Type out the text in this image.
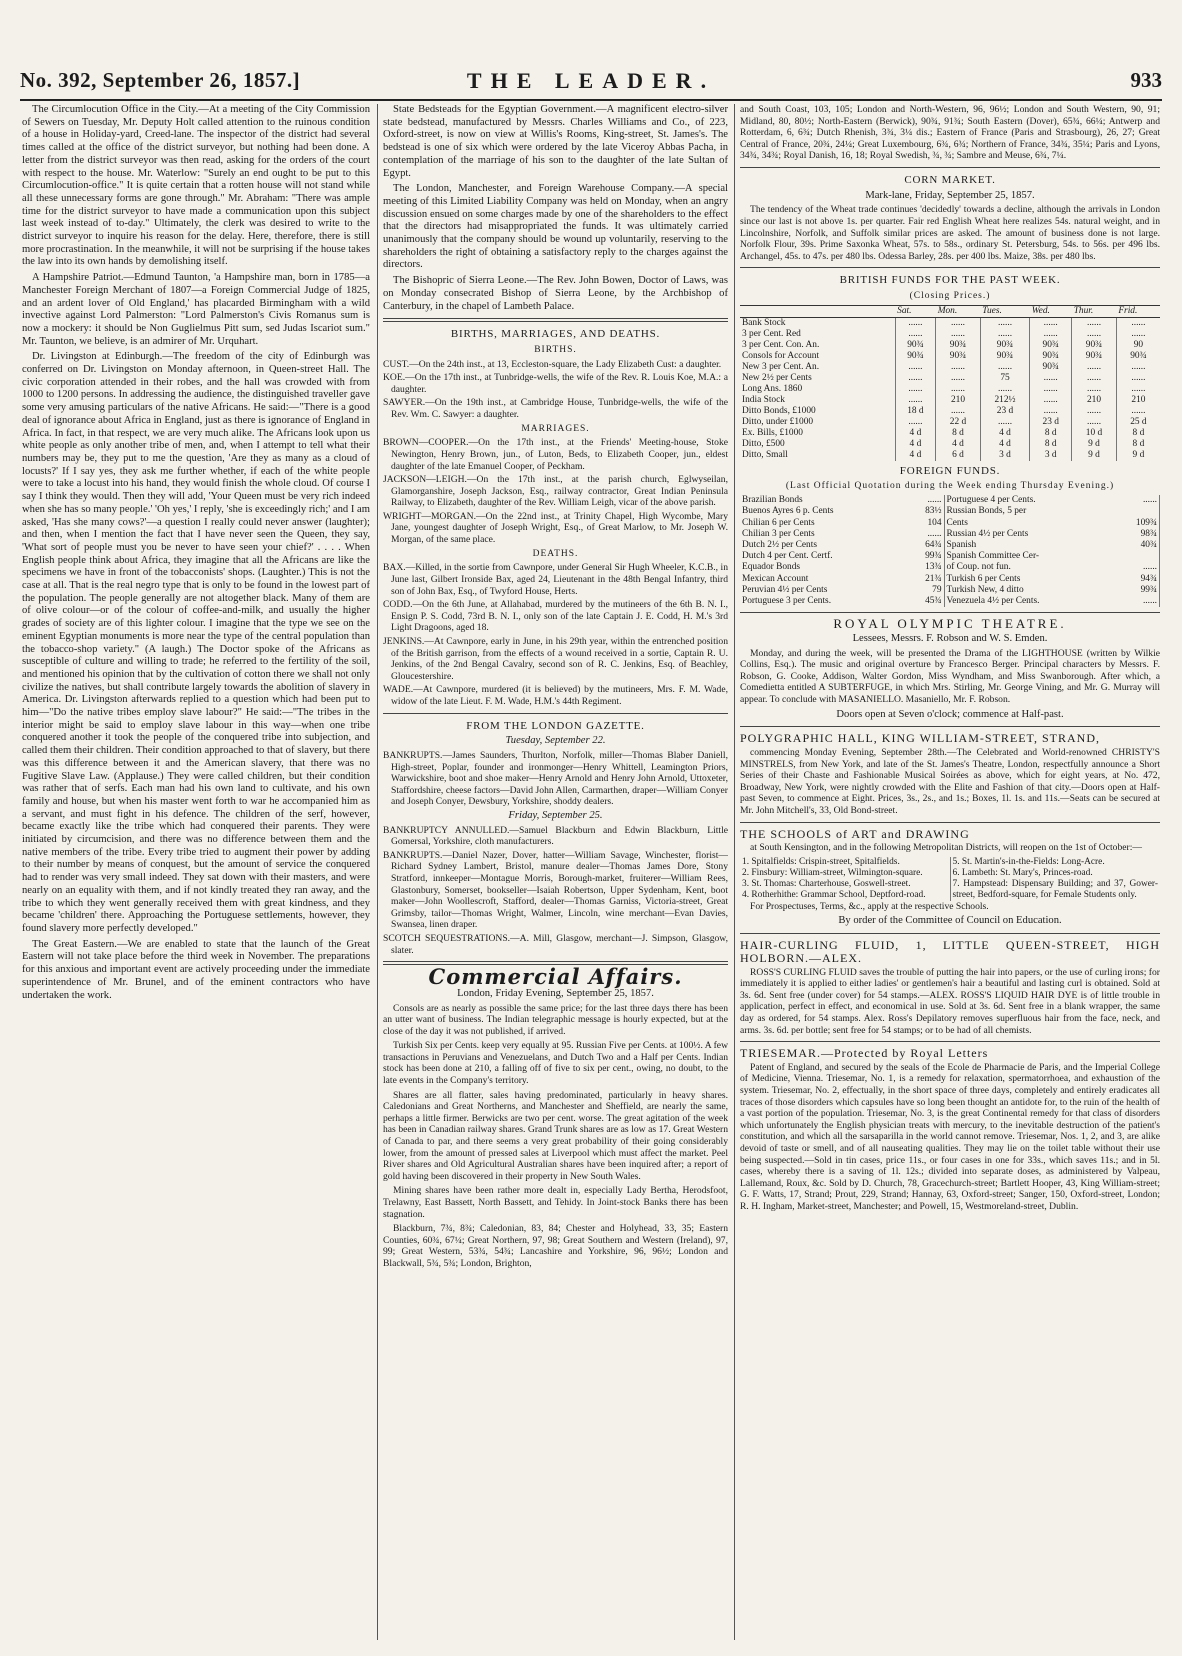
No. 392, September 26, 1857.]	THE LEADER.	933

The Circumlocution Office in the City.—At a meeting of the City Commission of Sewers on Tuesday, Mr. Deputy Holt called attention to the ruinous condition of a house in Holiday-yard, Creed-lane. The inspector of the district had several times called at the office of the district surveyor, but nothing had been done. A letter from the district surveyor was then read, asking for the orders of the court with respect to the house. Mr. Waterlow: "Surely an end ought to be put to this Circumlocution-office." It is quite certain that a rotten house will not stand while all these unnecessary forms are gone through." Mr. Abraham: "There was ample time for the district surveyor to have made a communication upon this subject last week instead of to-day." Ultimately, the clerk was desired to write to the district surveyor to inquire his reason for the delay. Here, therefore, there is still more procrastination. In the meanwhile, it will not be surprising if the house takes the law into its own hands by demolishing itself.

A Hampshire Patriot.—Edmund Taunton, 'a Hampshire man, born in 1785—a Manchester Foreign Merchant of 1807—a Foreign Commercial Judge of 1825, and an ardent lover of Old England,' has placarded Birmingham with a wild invective against Lord Palmerston: "Lord Palmerston's Civis Romanus sum is now a mockery: it should be Non Guglielmus Pitt sum, sed Judas Iscariot sum." Mr. Taunton, we believe, is an admirer of Mr. Urquhart.

Dr. Livingston at Edinburgh.—The freedom of the city of Edinburgh was conferred on Dr. Livingston on Monday afternoon, in Queen-street Hall. The civic corporation attended in their robes, and the hall was crowded with from 1000 to 1200 persons. In addressing the audience, the distinguished traveller gave some very amusing particulars of the native Africans. He said:—"There is a good deal of ignorance about Africa in England, just as there is ignorance of England in Africa. In fact, in that respect, we are very much alike. The Africans look upon us white people as only another tribe of men, and, when I attempt to tell what their numbers may be, they put to me the question, 'Are they as many as a cloud of locusts?' If I say yes, they ask me further whether, if each of the white people were to take a locust into his hand, they would finish the whole cloud. Of course I say I think they would. Then they will add, 'Your Queen must be very rich indeed when she has so many people.' 'Oh yes,' I reply, 'she is exceedingly rich;' and I am asked, 'Has she many cows?'—a question I really could never answer (laughter); and then, when I mention the fact that I have never seen the Queen, they say, 'What sort of people must you be never to have seen your chief?' . . . . When English people think about Africa, they imagine that all the Africans are like the specimens we have in front of the tobacconists' shops. (Laughter.) This is not the case at all. That is the real negro type that is only to be found in the lowest part of the population. The people generally are not altogether black. Many of them are of olive colour—or of the colour of coffee-and-milk, and usually the higher grades of society are of this lighter colour. I imagine that the type we see on the eminent Egyptian monuments is more near the type of the central population than the tobacco-shop variety." (A laugh.) The Doctor spoke of the Africans as susceptible of culture and willing to trade; he referred to the fertility of the soil, and mentioned his opinion that by the cultivation of cotton there we shall not only civilize the natives, but shall contribute largely towards the abolition of slavery in America. Dr. Livingston afterwards replied to a question which had been put to him—"Do the native tribes employ slave labour?" He said:—"The tribes in the interior might be said to employ slave labour in this way—when one tribe conquered another it took the people of the conquered tribe into subjection, and called them their children. Their condition approached to that of slavery, but there was this difference between it and the American slavery, that there was no Fugitive Slave Law. (Applause.) They were called children, but their condition was rather that of serfs. Each man had his own land to cultivate, and his own family and house, but when his master went forth to war he accompanied him as a servant, and must fight in his defence. The children of the serf, however, became exactly like the tribe which had conquered their parents. They were initiated by circumcision, and there was no difference between them and the native members of the tribe. Every tribe tried to augment their power by adding to their number by means of conquest, but the amount of service the conquered had to render was very small indeed. They sat down with their masters, and were nearly on an equality with them, and if not kindly treated they ran away, and the tribe to which they went generally received them with great kindness, and they became 'children' there. Approaching the Portuguese settlements, however, they found slavery more perfectly developed."

The Great Eastern.—We are enabled to state that the launch of the Great Eastern will not take place before the third week in November. The preparations for this anxious and important event are actively proceeding under the immediate superintendence of Mr. Brunel, and of the eminent contractors who have undertaken the work.

State Bedsteads for the Egyptian Government.—A magnificent electro-silver state bedstead, manufactured by Messrs. Charles Williams and Co., of 223, Oxford-street, is now on view at Willis's Rooms, King-street, St. James's. The bedstead is one of six which were ordered by the late Viceroy Abbas Pacha, in contemplation of the marriage of his son to the daughter of the late Sultan of Egypt.

The London, Manchester, and Foreign Warehouse Company.—A special meeting of this Limited Liability Company was held on Monday, when an angry discussion ensued on some charges made by one of the shareholders to the effect that the directors had misappropriated the funds. It was ultimately carried unanimously that the company should be wound up voluntarily, reserving to the shareholders the right of obtaining a satisfactory reply to the charges against the directors.

The Bishopric of Sierra Leone.—The Rev. John Bowen, Doctor of Laws, was on Monday consecrated Bishop of Sierra Leone, by the Archbishop of Canterbury, in the chapel of Lambeth Palace.

BIRTHS, MARRIAGES, AND DEATHS.
BIRTHS.
CUST.—On the 24th inst., at 13, Eccleston-square, the Lady Elizabeth Cust: a daughter.
KOE.—On the 17th inst., at Tunbridge-wells, the wife of the Rev. R. Louis Koe, M.A.: a daughter.
SAWYER.—On the 19th inst., at Cambridge House, Tunbridge-wells, the wife of the Rev. Wm. C. Sawyer: a daughter.
MARRIAGES.
BROWN—COOPER.—On the 17th inst., at the Friends' Meeting-house, Stoke Newington, Henry Brown, jun., of Luton, Beds, to Elizabeth Cooper, jun., eldest daughter of the late Emanuel Cooper, of Peckham.
JACKSON—LEIGH.—On the 17th inst., at the parish church, Eglwyseilan, Glamorganshire, Joseph Jackson, Esq., railway contractor, Great Indian Peninsula Railway, to Elizabeth, daughter of the Rev. William Leigh, vicar of the above parish.
WRIGHT—MORGAN.—On the 22nd inst., at Trinity Chapel, High Wycombe, Mary Jane, youngest daughter of Joseph Wright, Esq., of Great Marlow, to Mr. Joseph W. Morgan, of the same place.
DEATHS.
BAX.—Killed, in the sortie from Cawnpore, under General Sir Hugh Wheeler, K.C.B., in June last, Gilbert Ironside Bax, aged 24, Lieutenant in the 48th Bengal Infantry, third son of John Bax, Esq., of Twyford House, Herts.
CODD.—On the 6th June, at Allahabad, murdered by the mutineers of the 6th B. N. I., Ensign P. S. Codd, 73rd B. N. I., only son of the late Captain J. E. Codd, H. M.'s 3rd Light Dragoons, aged 18.
JENKINS.—At Cawnpore, early in June, in his 29th year, within the entrenched position of the British garrison, from the effects of a wound received in a sortie, Captain R. U. Jenkins, of the 2nd Bengal Cavalry, second son of R. C. Jenkins, Esq. of Beachley, Gloucestershire.
WADE.—At Cawnpore, murdered (it is believed) by the mutineers, Mrs. F. M. Wade, widow of the late Lieut. F. M. Wade, H.M.'s 44th Regiment.
FROM THE LONDON GAZETTE.
Tuesday, September 22.
BANKRUPTS.—James Saunders, Thurlton, Norfolk, miller—Thomas Blaber Daniell, High-street, Poplar, founder and ironmonger—Henry Whittell, Leamington Priors, Warwickshire, boot and shoe maker—Henry Arnold and Henry John Arnold, Uttoxeter, Staffordshire, cheese factors—David John Allen, Carmarthen, draper—William Conyer and Joseph Conyer, Dewsbury, Yorkshire, shoddy dealers.
Friday, September 25.
BANKRUPTCY ANNULLED.—Samuel Blackburn and Edwin Blackburn, Little Gomersal, Yorkshire, cloth manufacturers.
BANKRUPTS.—Daniel Nazer, Dover, hatter—William Savage, Winchester, florist—Richard Sydney Lambert, Bristol, manure dealer—Thomas James Dore, Stony Stratford, innkeeper—Montague Morris, Borough-market, fruiterer—William Rees, Glastonbury, Somerset, bookseller—Isaiah Robertson, Upper Sydenham, Kent, boot maker—John Woollescroft, Stafford, dealer—Thomas Garniss, Victoria-street, Great Grimsby, tailor—Thomas Wright, Walmer, Lincoln, wine merchant—Evan Davies, Swansea, linen draper.
SCOTCH SEQUESTRATIONS.—A. Mill, Glasgow, merchant—J. Simpson, Glasgow, slater.
Commercial Affairs.
London, Friday Evening, September 25, 1857.

Consols are as nearly as possible the same price; for the last three days there has been an utter want of business. The Indian telegraphic message is hourly expected, but at the close of the day it was not published, if arrived.

Turkish Six per Cents. keep very equally at 95. Russian Five per Cents. at 100½. A few transactions in Peruvians and Venezuelans, and Dutch Two and a Half per Cents. Indian stock has been done at 210, a falling off of five to six per cent., owing, no doubt, to the late events in the Company's territory.

Shares are all flatter, sales having predominated, particularly in heavy shares. Caledonians and Great Northerns, and Manchester and Sheffield, are nearly the same, perhaps a little firmer. Berwicks are two per cent. worse. The great agitation of the week has been in Canadian railway shares. Grand Trunk shares are as low as 17. Great Western of Canada to par, and there seems a very great probability of their going considerably lower, from the amount of pressed sales at Liverpool which must affect the market. Peel River shares and Old Agricultural Australian shares have been inquired after; a report of gold having been discovered in their property in New South Wales.

Mining shares have been rather more dealt in, especially Lady Bertha, Herodsfoot, Trelawny, East Bassett, North Bassett, and Tehidy. In Joint-stock Banks there has been stagnation.

Blackburn, 7¾, 8¾; Caledonian, 83, 84; Chester and Holyhead, 33, 35; Eastern Counties, 60¾, 67¼; Great Northern, 97, 98; Great Southern and Western (Ireland), 97, 99; Great Western, 53¾, 54¾; Lancashire and Yorkshire, 96, 96½; London and Blackwall, 5¾, 5¾; London, Brighton,

and South Coast, 103, 105; London and North-Western, 96, 96½; London and South Western, 90, 91; Midland, 80, 80½; North-Eastern (Berwick), 90¾, 91¾; South Eastern (Dover), 65¾, 66¼; Antwerp and Rotterdam, 6, 6¾; Dutch Rhenish, 3¾, 3¼ dis.; Eastern of France (Paris and Strasbourg), 26, 27; Great Central of France, 20¾, 24¼; Great Luxembourg, 6¾, 6¾; Northern of France, 34¾, 35¼; Paris and Lyons, 34¾, 34¾; Royal Danish, 16, 18; Royal Swedish, ¾, ¾; Sambre and Meuse, 6¾, 7¼.

CORN MARKET.
Mark-lane, Friday, September 25, 1857.

The tendency of the Wheat trade continues 'decidedly' towards a decline, although the arrivals in London since our last is not above 1s. per quarter. Fair red English Wheat here realizes 54s. natural weight, and in Lincolnshire, Norfolk, and Suffolk similar prices are asked. The amount of business done is not large. Norfolk Flour, 39s. Prime Saxonka Wheat, 57s. to 58s., ordinary St. Petersburg, 54s. to 56s. per 496 lbs. Archangel, 45s. to 47s. per 480 lbs. Odessa Barley, 28s. per 400 lbs. Maize, 38s. per 480 lbs.

BRITISH FUNDS FOR THE PAST WEEK.
(Closing Prices.)
	Sat.	Mon.	Tues.	Wed.	Thur.	Frid.
Bank Stock	......	......	......	......	......	......
3 per Cent. Red	......	......	......	......	......	......
3 per Cent. Con. An.	90¾	90¾	90¾	90¾	90¾	90
Consols for Account	90¾	90¾	90¾	90¾	90¾	90¾
New 3 per Cent. An.	......	......	......	90¾	......	......
New 2½ per Cents	......	......	75	......	......	......
Long Ans. 1860	......	......	......	......	......	......
India Stock	......	210	212½	......	210	210
Ditto Bonds, £1000	18 d	......	23 d	......	......	......
Ditto, under £1000	......	22 d	......	23 d	......	25 d
Ex. Bills, £1000	4 d	8 d	4 d	8 d	10 d	8 d
Ditto, £500	4 d	4 d	4 d	8 d	9 d	8 d
Ditto, Small	4 d	6 d	3 d	3 d	9 d	9 d
FOREIGN FUNDS.
(Last Official Quotation during the Week ending Thursday Evening.)
Brazilian Bonds	......	Portuguese 4 per Cents.	......
Buenos Ayres 6 p. Cents	83½	Russian Bonds, 5 per	
Chilian 6 per Cents	104	Cents	109¾
Chilian 3 per Cents	......	Russian 4½ per Cents	98¾
Dutch 2½ per Cents	64¾	Spanish	40¾
Dutch 4 per Cent. Certf.	99¾	Spanish Committee Cer-	
Equador Bonds	13¾	of Coup. not fun.	......
Mexican Account	21¾	Turkish 6 per Cents	94¾
Peruvian 4½ per Cents	79	Turkish New, 4 ditto	99¾
Portuguese 3 per Cents.	45¾	Venezuela 4½ per Cents.	......
ROYAL OLYMPIC THEATRE.
Lessees, Messrs. F. Robson and W. S. Emden.

Monday, and during the week, will be presented the Drama of the LIGHTHOUSE (written by Wilkie Collins, Esq.). The music and original overture by Francesco Berger. Principal characters by Messrs. F. Robson, G. Cooke, Addison, Walter Gordon, Miss Wyndham, and Miss Swanborough. After which, a Comedietta entitled A SUBTERFUGE, in which Mrs. Stirling, Mr. George Vining, and Mr. G. Murray will appear. To conclude with MASANIELLO. Masaniello, Mr. F. Robson.

Doors open at Seven o'clock; commence at Half-past.
POLYGRAPHIC HALL, KING WILLIAM-STREET, STRAND,

commencing Monday Evening, September 28th.—The Celebrated and World-renowned CHRISTY'S MINSTRELS, from New York, and late of the St. James's Theatre, London, respectfully announce a Short Series of their Chaste and Fashionable Musical Soirées as above, which for eight years, at No. 472, Broadway, New York, were nightly crowded with the Elite and Fashion of that city.—Doors open at Half-past Seven, to commence at Eight. Prices, 3s., 2s., and 1s.; Boxes, 1l. 1s. and 11s.—Seats can be secured at Mr. John Mitchell's, 33, Old Bond-street.

THE SCHOOLS of ART and DRAWING

at South Kensington, and in the following Metropolitan Districts, will reopen on the 1st of October:—

1. Spitalfields: Crispin-street, Spitalfields.
2. Finsbury: William-street, Wilmington-square.
3. St. Thomas: Charterhouse, Goswell-street.
4. Rotherhithe: Grammar School, Deptford-road.

5. St. Martin's-in-the-Fields: Long-Acre.
6. Lambeth: St. Mary's, Princes-road.
7. Hampstead: Dispensary Building; and 37, Gower-street, Bedford-square, for Female Students only.

For Prospectuses, Terms, &c., apply at the respective Schools.

By order of the Committee of Council on Education.
HAIR-CURLING FLUID, 1, LITTLE QUEEN-STREET, HIGH HOLBORN.—ALEX.

ROSS'S CURLING FLUID saves the trouble of putting the hair into papers, or the use of curling irons; for immediately it is applied to either ladies' or gentlemen's hair a beautiful and lasting curl is obtained. Sold at 3s. 6d. Sent free (under cover) for 54 stamps.—ALEX. ROSS'S LIQUID HAIR DYE is of little trouble in application, perfect in effect, and economical in use. Sold at 3s. 6d. Sent free in a blank wrapper, the same day as ordered, for 54 stamps. Alex. Ross's Depilatory removes superfluous hair from the face, neck, and arms. 3s. 6d. per bottle; sent free for 54 stamps; or to be had of all chemists.

TRIESEMAR.—Protected by Royal Letters

Patent of England, and secured by the seals of the Ecole de Pharmacie de Paris, and the Imperial College of Medicine, Vienna. Triesemar, No. 1, is a remedy for relaxation, spermatorrhoea, and exhaustion of the system. Triesemar, No. 2, effectually, in the short space of three days, completely and entirely eradicates all traces of those disorders which capsules have so long been thought an antidote for, to the ruin of the health of a vast portion of the population. Triesemar, No. 3, is the great Continental remedy for that class of disorders which unfortunately the English physician treats with mercury, to the inevitable destruction of the patient's constitution, and which all the sarsaparilla in the world cannot remove. Triesemar, Nos. 1, 2, and 3, are alike devoid of taste or smell, and of all nauseating qualities. They may lie on the toilet table without their use being suspected.—Sold in tin cases, price 11s., or four cases in one for 33s., which saves 11s.; and in 5l. cases, whereby there is a saving of 1l. 12s.; divided into separate doses, as administered by Valpeau, Lallemand, Roux, &c. Sold by D. Church, 78, Gracechurch-street; Bartlett Hooper, 43, King William-street; G. F. Watts, 17, Strand; Prout, 229, Strand; Hannay, 63, Oxford-street; Sanger, 150, Oxford-street, London; R. H. Ingham, Market-street, Manchester; and Powell, 15, Westmoreland-street, Dublin.
